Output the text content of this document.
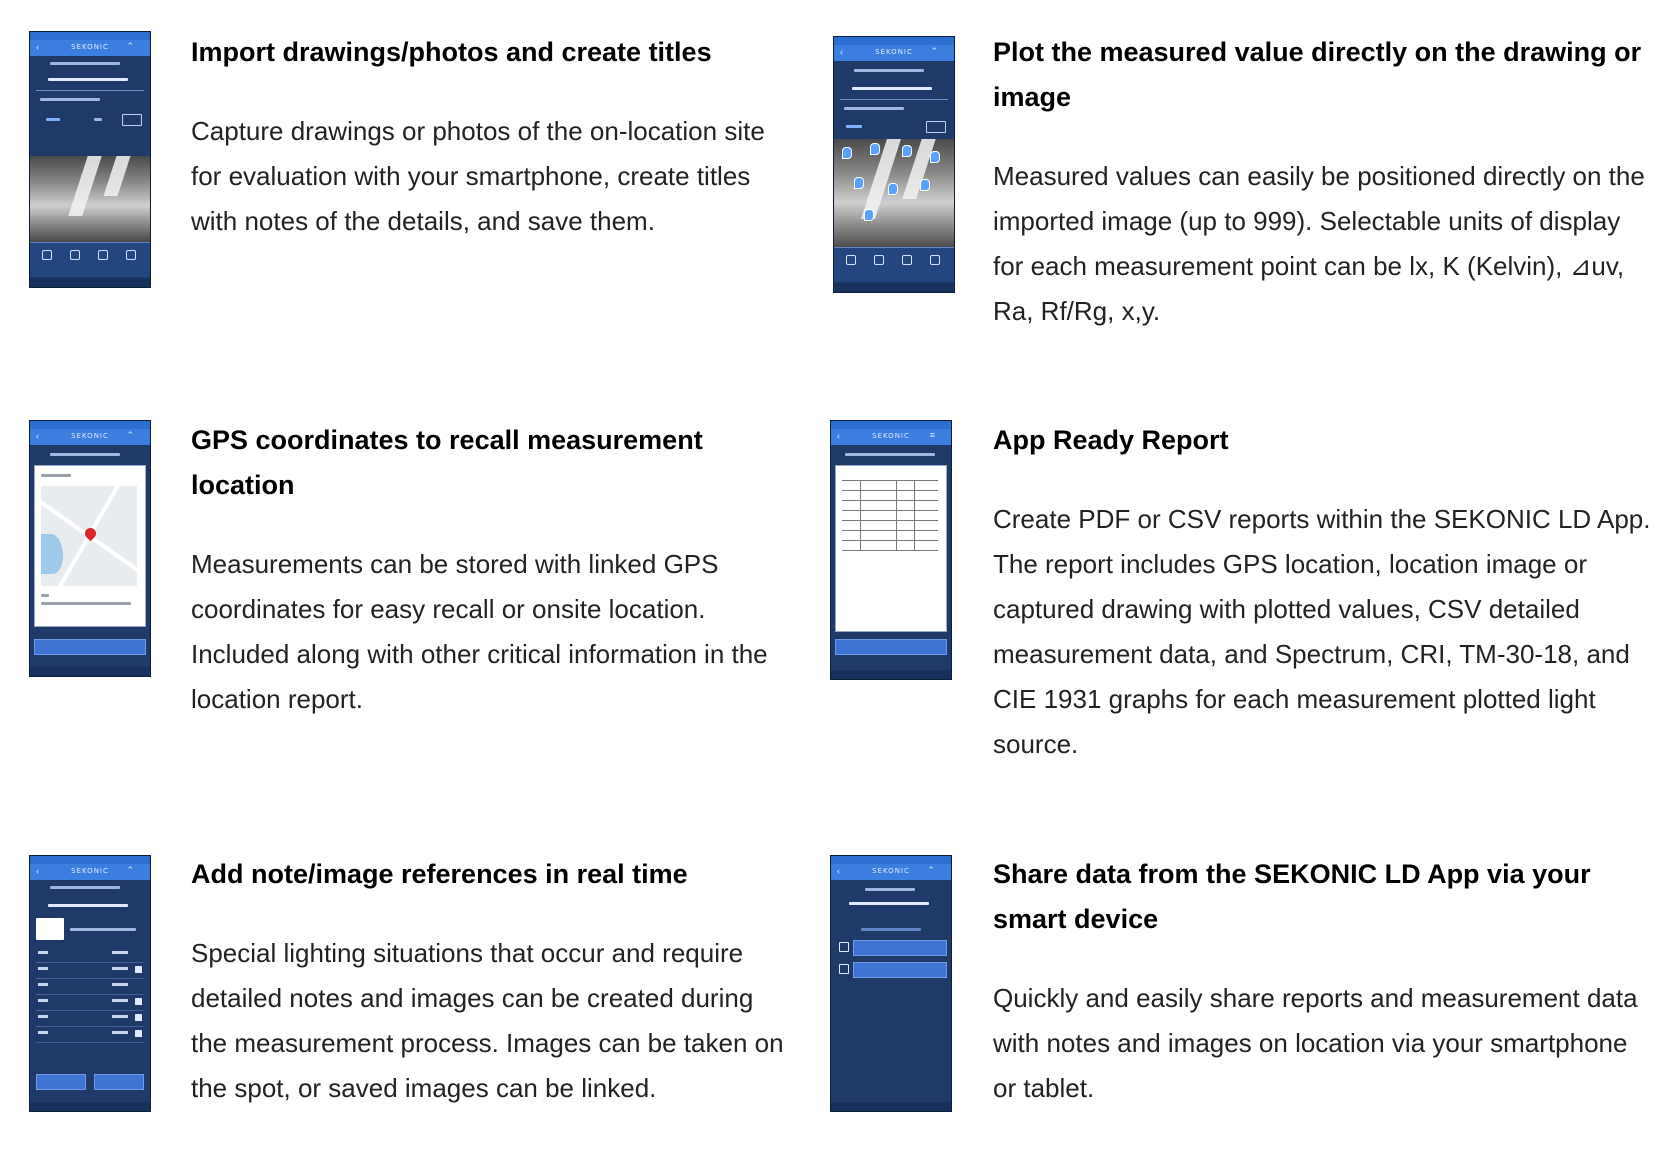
‹	SEKONIC	⌃ Import drawings/photos and create titles

Capture drawings or photos of the on-location site for evaluation with your smartphone, create titles with notes of the details, and save them.

‹	SEKONIC	⌃ Plot the measured value directly on the drawing or image

Measured values can easily be positioned directly on the imported image (up to 999). Selectable units of display for each measurement point can be lx, K (Kelvin), ⊿uv, Ra, Rf/Rg, x,y.

‹	SEKONIC	⌃ GPS coordinates to recall measurement location

Measurements can be stored with linked GPS coordinates for easy recall or onsite location. Included along with other critical information in the location report.

‹	SEKONIC	≡ App Ready Report

Create PDF or CSV reports within the SEKONIC LD App. The report includes GPS location, location image or captured drawing with plotted values, CSV detailed measurement data, and Spectrum, CRI, TM-30-18, and CIE 1931 graphs for each measurement plotted light source.

‹	SEKONIC	⌃ Add note/image references in real time

Special lighting situations that occur and require detailed notes and images can be created during the measurement process. Images can be taken on the spot, or saved images can be linked.

‹	SEKONIC	⌃ Share data from the SEKONIC LD App via your smart device

Quickly and easily share reports and measurement data with notes and images on location via your smartphone or tablet.
